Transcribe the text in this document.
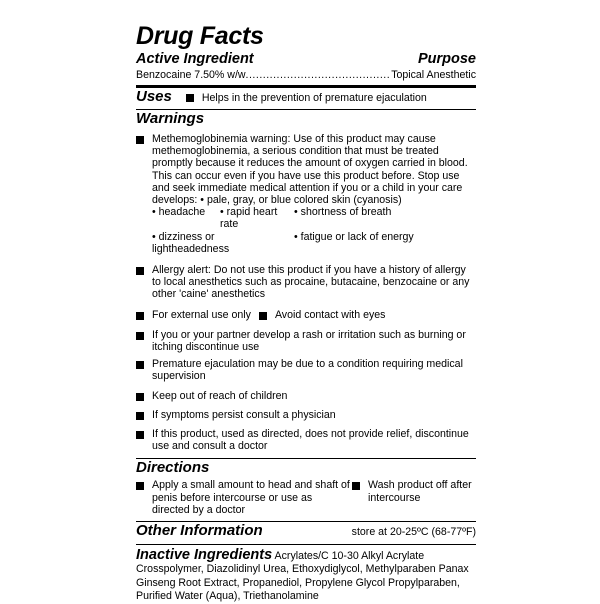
Drug Facts
Active Ingredient	Purpose
Benzocaine 7.50% w/w
.....	Topical Anesthetic
Uses	Helps in the prevention of premature ejaculation
Warnings
Methemoglobinemia warning: Use of this product may cause methemoglobinemia, a serious condition that must be treated promptly because it reduces the amount of oxygen carried in blood. This can occur even if you have use this product before. Stop use and seek immediate medical attention if you or a child in your care develops: • pale, gray, or blue colored skin (cyanosis)
• headache	• rapid heart rate
• shortness of breath
• dizziness or lightheadedness
• fatigue or lack of energy
Allergy alert: Do not use this product if you have a history of allergy to local anesthetics such as procaine, butacaine, benzocaine or any other 'caine' anesthetics
For external use only Avoid contact with eyes
If you or your partner develop a rash or irritation such as burning or itching discontinue use
Premature ejaculation may be due to a condition requiring medical supervision
Keep out of reach of children
If symptoms persist consult a physician
If this product, used as directed, does not provide relief, discontinue use and consult a doctor
Directions
Apply a small amount to head and shaft of penis before intercourse or use as directed by a doctor
Wash product off after intercourse
Other Information	store at 20-25ºC (68-77ºF)
Inactive Ingredients Acrylates/C 10-30 Alkyl Acrylate Crosspolymer, Diazolidinyl Urea, Ethoxydiglycol, Methylparaben Panax Ginseng Root Extract, Propanediol, Propylene Glycol Propylparaben, Purified Water (Aqua), Triethanolamine
